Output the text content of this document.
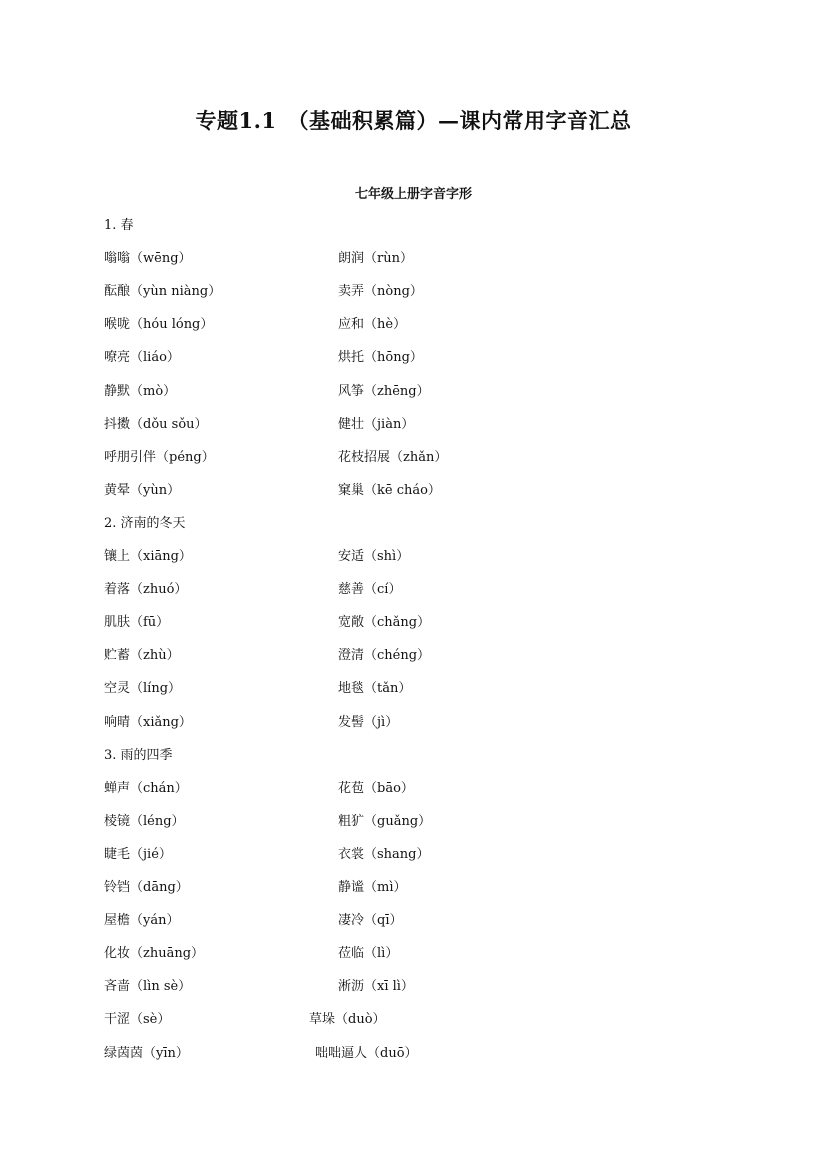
专题1.1　（基础积累篇）—课内常用字音汇总
七年级上册字音字形
1. 春
嗡嗡（wēng）	朗润（rùn）
酝酿（yùn niàng）	卖弄（nòng）
喉咙（hóu lóng）	应和（hè）
嘹亮（liáo）	烘托（hōng）
静默（mò）	风筝（zhēng）
抖擞（dǒu sǒu）	健壮（jiàn）
呼朋引伴（péng）	花枝招展（zhǎn）
黄晕（yùn）	窠巢（kē cháo）
2. 济南的冬天
镶上（xiāng）	安适（shì）
着落（zhuó）	慈善（cí）
肌肤（fū）	宽敞（chǎng）
贮蓄（zhù）	澄清（chéng）
空灵（líng）	地毯（tǎn）
响晴（xiǎng）	发髻（jì）
3. 雨的四季
蝉声（chán）	花苞（bāo）
棱镜（léng）	粗犷（guǎng）
睫毛（jié）	衣裳（shang）
铃铛（dāng）	静谧（mì）
屋檐（yán）	凄冷（qī）
化妆（zhuāng）	莅临（lì）
吝啬（lìn sè）	淅沥（xī lì）
干涩（sè）	草垛（duò）
绿茵茵（yīn）	咄咄逼人（duō）
